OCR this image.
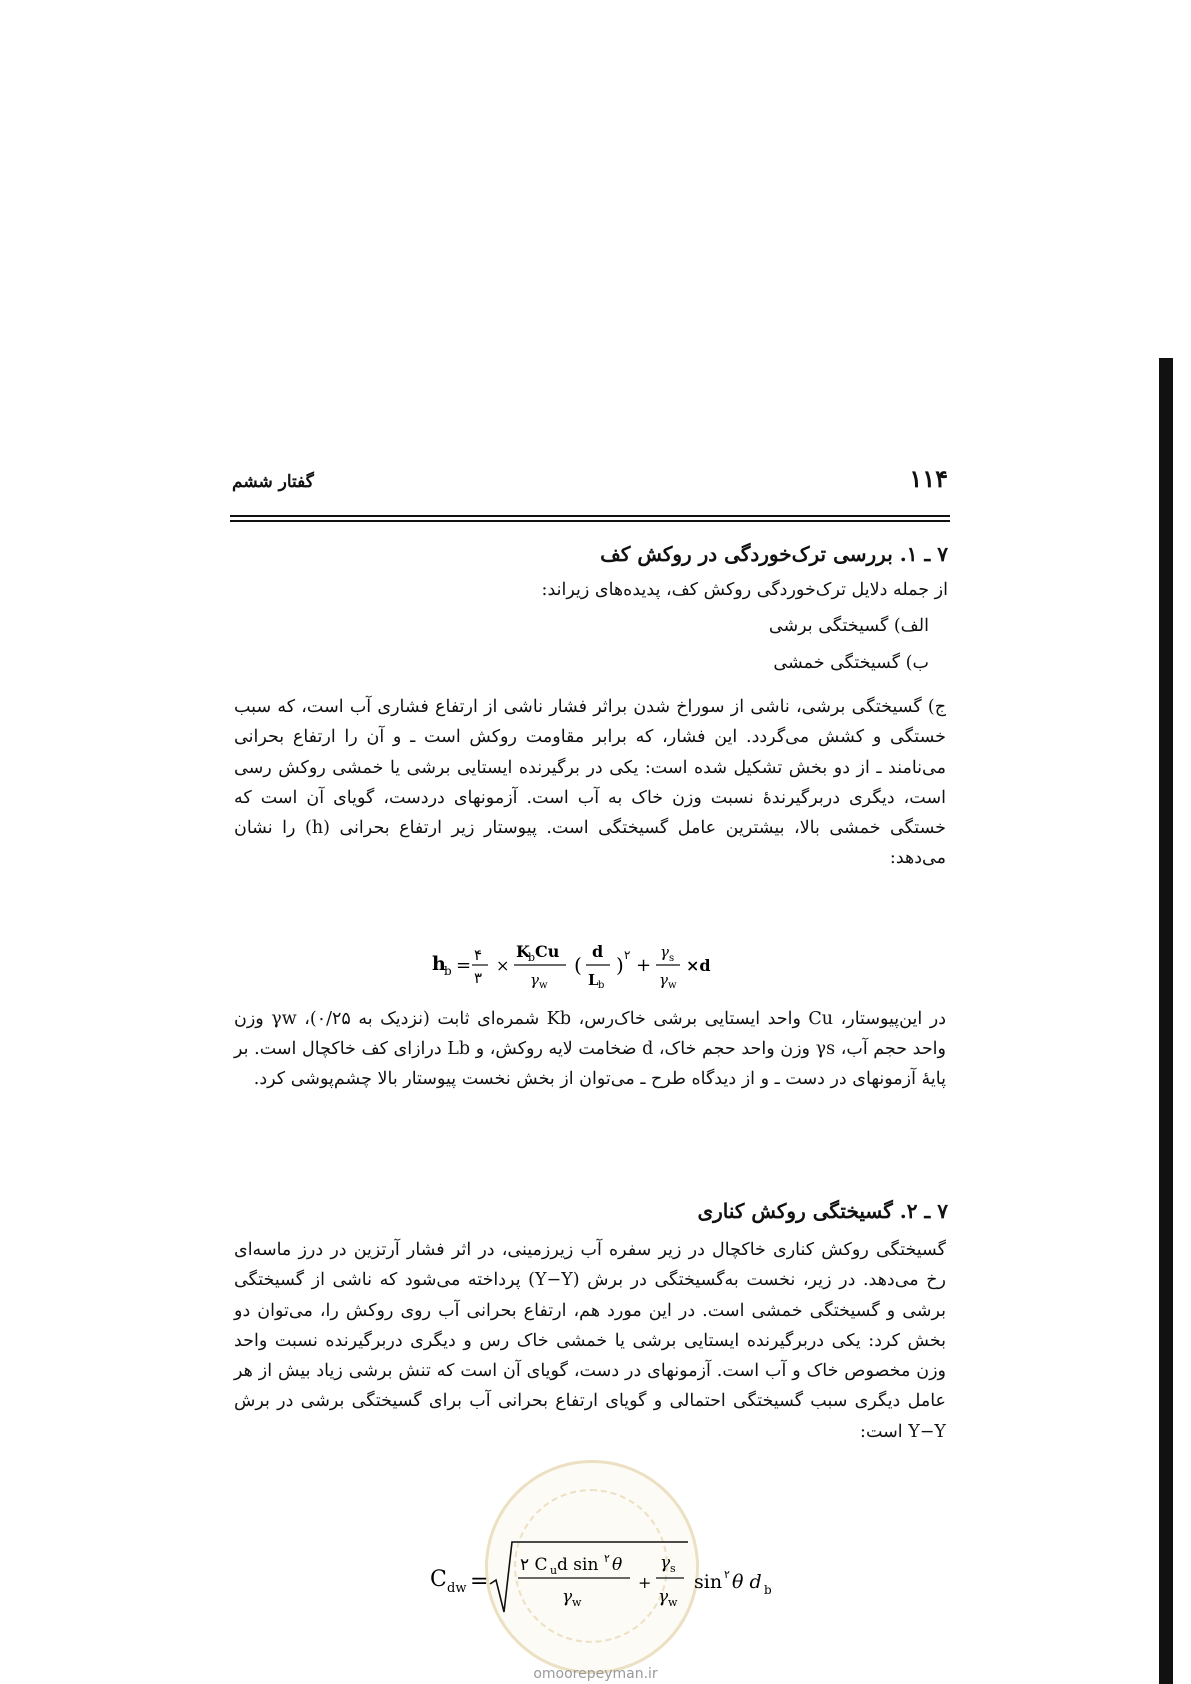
۱۱۴
گفتار ششم
۷ ـ ۱. بررسی ترک‌خوردگی در روکش کف
از جمله دلایل ترک‌خوردگی روکش کف، پدیده‌های زیراند:
الف) گسیختگی برشی
ب) گسیختگی خمشی
ج) گسیختگی برشی، ناشی از سوراخ شدن براثر فشار ناشی از ارتفاع فشاری آب است، که سبب خستگی و کشش می‌گردد. این فشار، که برابر مقاومت روکش است ـ و آن را ارتفاع بحرانی می‌نامند ـ از دو بخش تشکیل شده است: یکی در برگیرنده ایستایی برشی یا خمشی روکش رسی است، دیگری دربرگیرندهٔ نسبت وزن خاک به آب است. آزمونهای دردست، گویای آن است که خستگی خمشی بالا، بیشترین عامل گسیختگی است. پیوستار زیر ارتفاع بحرانی (h) را نشان می‌دهد:
h
b = ۴
۳
×
K
b Cu
γ w
(
d
L b
) ۲ +
γ s
γ w
×d
در این‌پیوستار، Cu واحد ایستایی برشی خاک‌رس، Kb شمره‌ای ثابت (نزدیک به ۰/۲۵)، γw وزن واحد حجم آب، γs وزن واحد حجم خاک، d ضخامت لایه روکش، و Lb درازای کف خاکچال است. بر پایهٔ آزمونهای در دست ـ و از دیدگاه طرح ـ می‌توان از بخش نخست پیوستار بالا چشم‌پوشی کرد.
۷ ـ ۲. گسیختگی روکش کناری
گسیختگی روکش کناری خاکچال در زیر سفره آب زیرزمینی، در اثر فشار آرتزین در درز ماسه‌ای رخ می‌دهد. در زیر، نخست به‌گسیختگی در برش (Y−Y) پرداخته می‌شود که ناشی از گسیختگی برشی و گسیختگی خمشی است. در این مورد هم، ارتفاع بحرانی آب روی روکش را، می‌توان دو بخش کرد: یکی دربرگیرنده ایستایی برشی یا خمشی خاک رس و دیگری دربرگیرنده نسبت واحد وزن مخصوص خاک و آب است. آزمونهای در دست، گویای آن است که تنش برشی زیاد بیش از هر عامل دیگری سبب گسیختگی احتمالی و گویای ارتفاع بحرانی آب برای گسیختگی برشی در برش Y−Y است:
C dw =
۲ C u d sin ۲ θ
γ w
+
γ s
γ w
sin ۲ θ d b
omoorepeyman.ir
